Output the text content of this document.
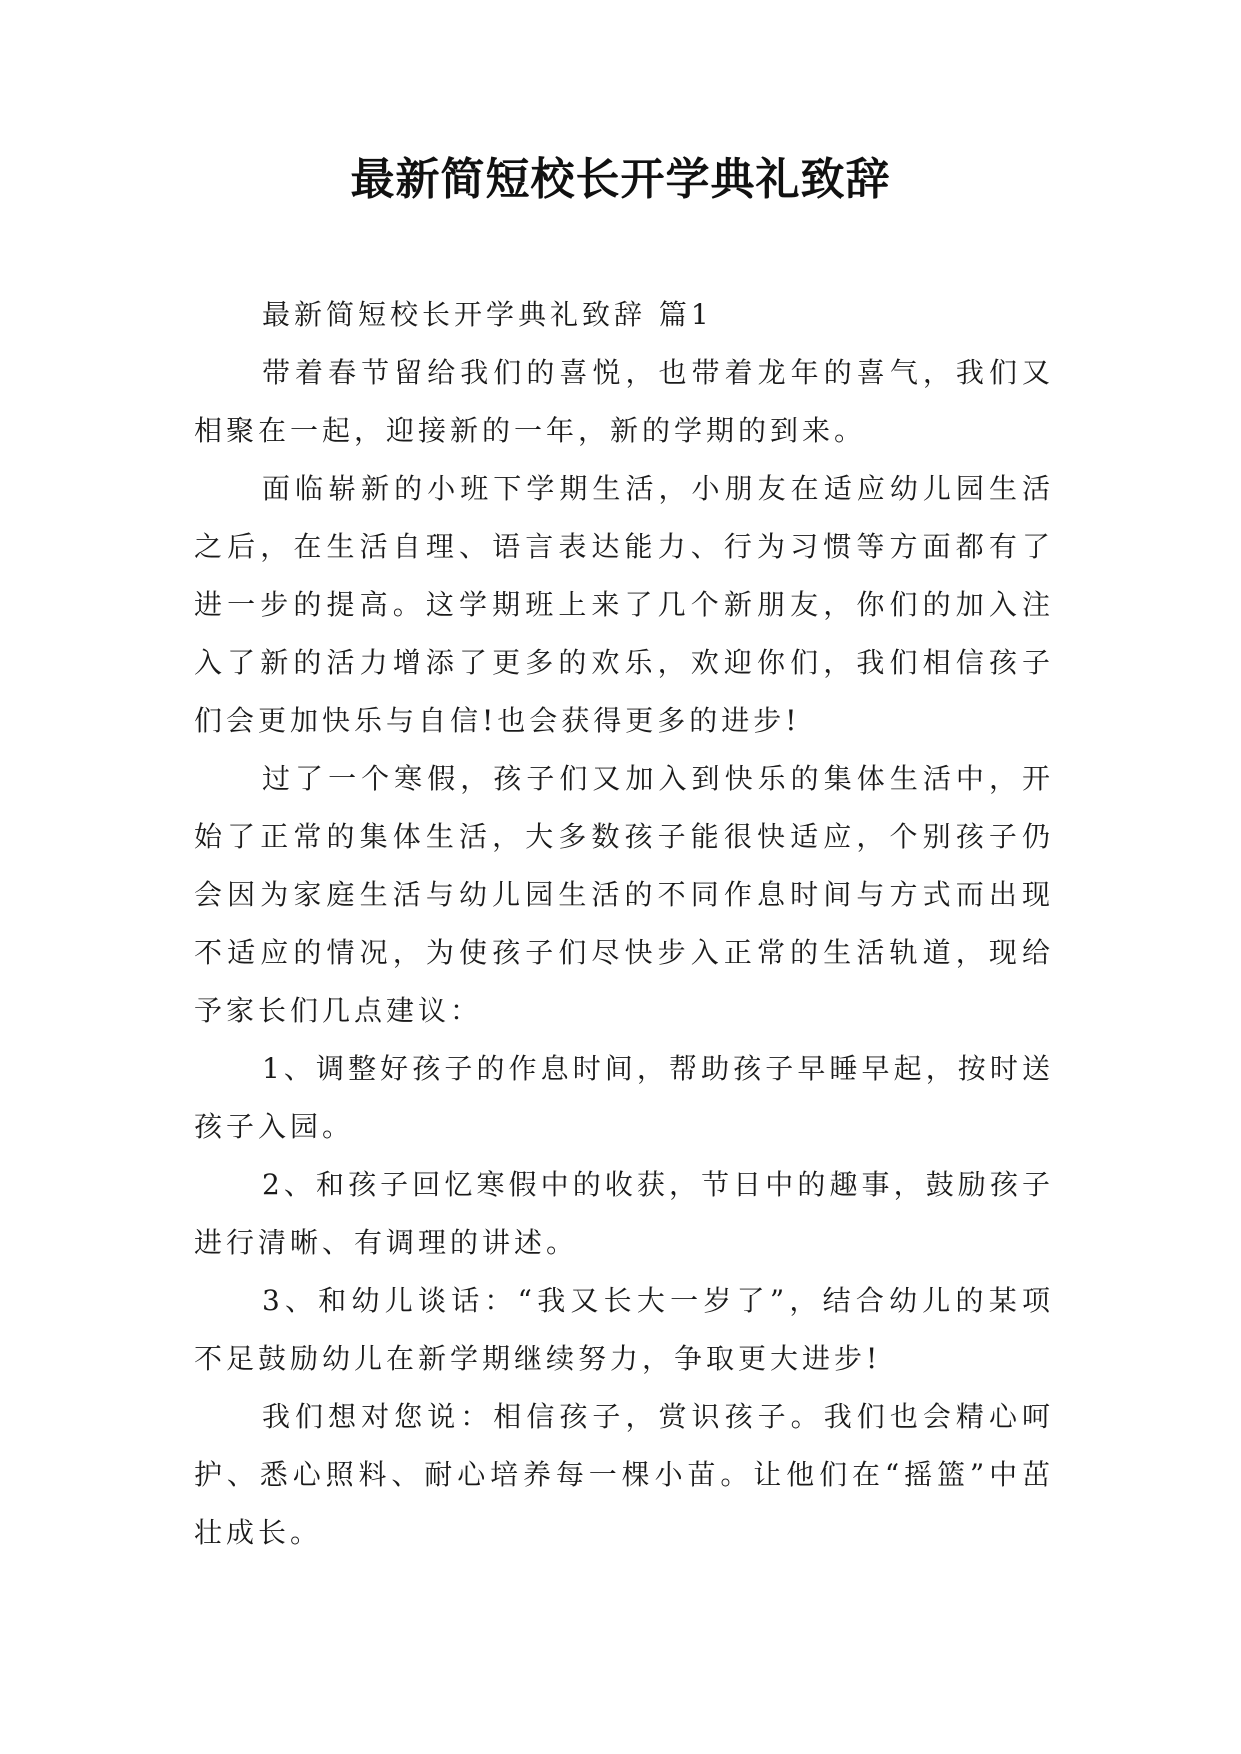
最新简短校长开学典礼致辞

最新简短校长开学典礼致辞 篇1

带着春节留给我们的喜悦，也带着龙年的喜气，我们又相聚在一起，迎接新的一年，新的学期的到来。

面临崭新的小班下学期生活，小朋友在适应幼儿园生活之后，在生活自理、语言表达能力、行为习惯等方面都有了进一步的提高。这学期班上来了几个新朋友，你们的加入注入了新的活力增添了更多的欢乐，欢迎你们，我们相信孩子们会更加快乐与自信!也会获得更多的进步!

过了一个寒假，孩子们又加入到快乐的集体生活中，开始了正常的集体生活，大多数孩子能很快适应，个别孩子仍会因为家庭生活与幼儿园生活的不同作息时间与方式而出现不适应的情况，为使孩子们尽快步入正常的生活轨道，现给予家长们几点建议：

1、调整好孩子的作息时间，帮助孩子早睡早起，按时送孩子入园。

2、和孩子回忆寒假中的收获，节日中的趣事，鼓励孩子进行清晰、有调理的讲述。

3、和幼儿谈话：“我又长大一岁了”，结合幼儿的某项不足鼓励幼儿在新学期继续努力，争取更大进步!

我们想对您说：相信孩子，赏识孩子。我们也会精心呵护、悉心照料、耐心培养每一棵小苗。让他们在“摇篮”中茁壮成长。
